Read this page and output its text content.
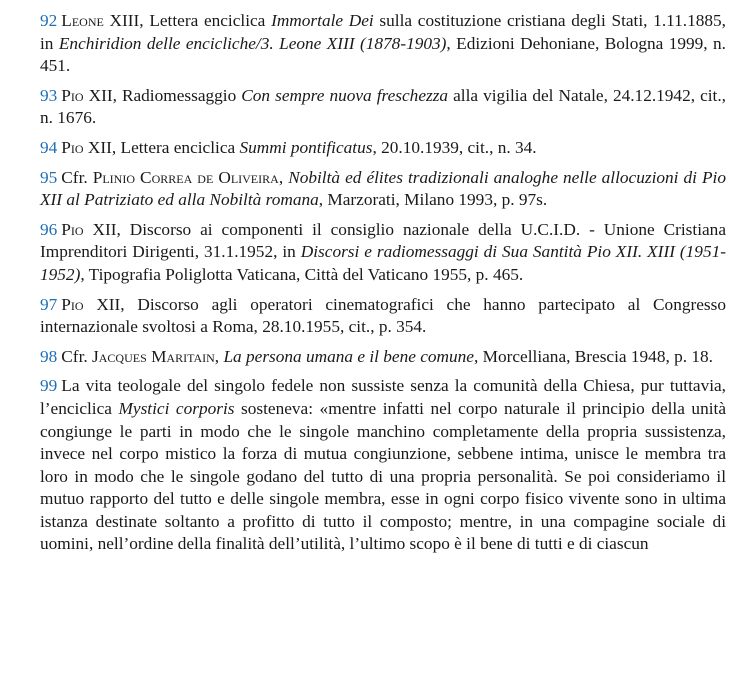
92 Leone XIII, Lettera enciclica Immortale Dei sulla costituzione cristiana degli Stati, 1.11.1885, in Enchiridion delle encicliche/3. Leone XIII (1878-1903), Edizioni Dehoniane, Bologna 1999, n. 451.

93 Pio XII, Radiomessaggio Con sempre nuova freschezza alla vigilia del Natale, 24.12.1942, cit., n. 1676.

94 Pio XII, Lettera enciclica Summi pontificatus, 20.10.1939, cit., n. 34.

95 Cfr. Plinio Correa de Oliveira, Nobiltà ed élites tradizionali analoghe nelle allocuzioni di Pio XII al Patriziato ed alla Nobiltà romana, Marzorati, Milano 1993, p. 97s.

96 Pio XII, Discorso ai componenti il consiglio nazionale della U.C.I.D. - Unione Cristiana Imprenditori Dirigenti, 31.1.1952, in Discorsi e radiomessaggi di Sua Santità Pio XII. XIII (1951-1952), Tipografia Poliglotta Vaticana, Città del Vaticano 1955, p. 465.

97 Pio XII, Discorso agli operatori cinematografici che hanno partecipato al Congresso internazionale svoltosi a Roma, 28.10.1955, cit., p. 354.

98 Cfr. Jacques Maritain, La persona umana e il bene comune, Morcelliana, Brescia 1948, p. 18.

99 La vita teologale del singolo fedele non sussiste senza la comunità della Chiesa, pur tuttavia, l’enciclica Mystici corporis sosteneva: «mentre infatti nel corpo naturale il principio della unità congiunge le parti in modo che le singole manchino completamente della propria sussistenza, invece nel corpo mistico la forza di mutua congiunzione, sebbene intima, unisce le membra tra loro in modo che le singole godano del tutto di una propria personalità. Se poi consideriamo il mutuo rapporto del tutto e delle singole membra, esse in ogni corpo fisico vivente sono in ultima istanza destinate soltanto a profitto di tutto il composto; mentre, in una compagine sociale di uomini, nell’ordine della finalità dell’utilità, l’ultimo scopo è il bene di tutti e di ciascun
